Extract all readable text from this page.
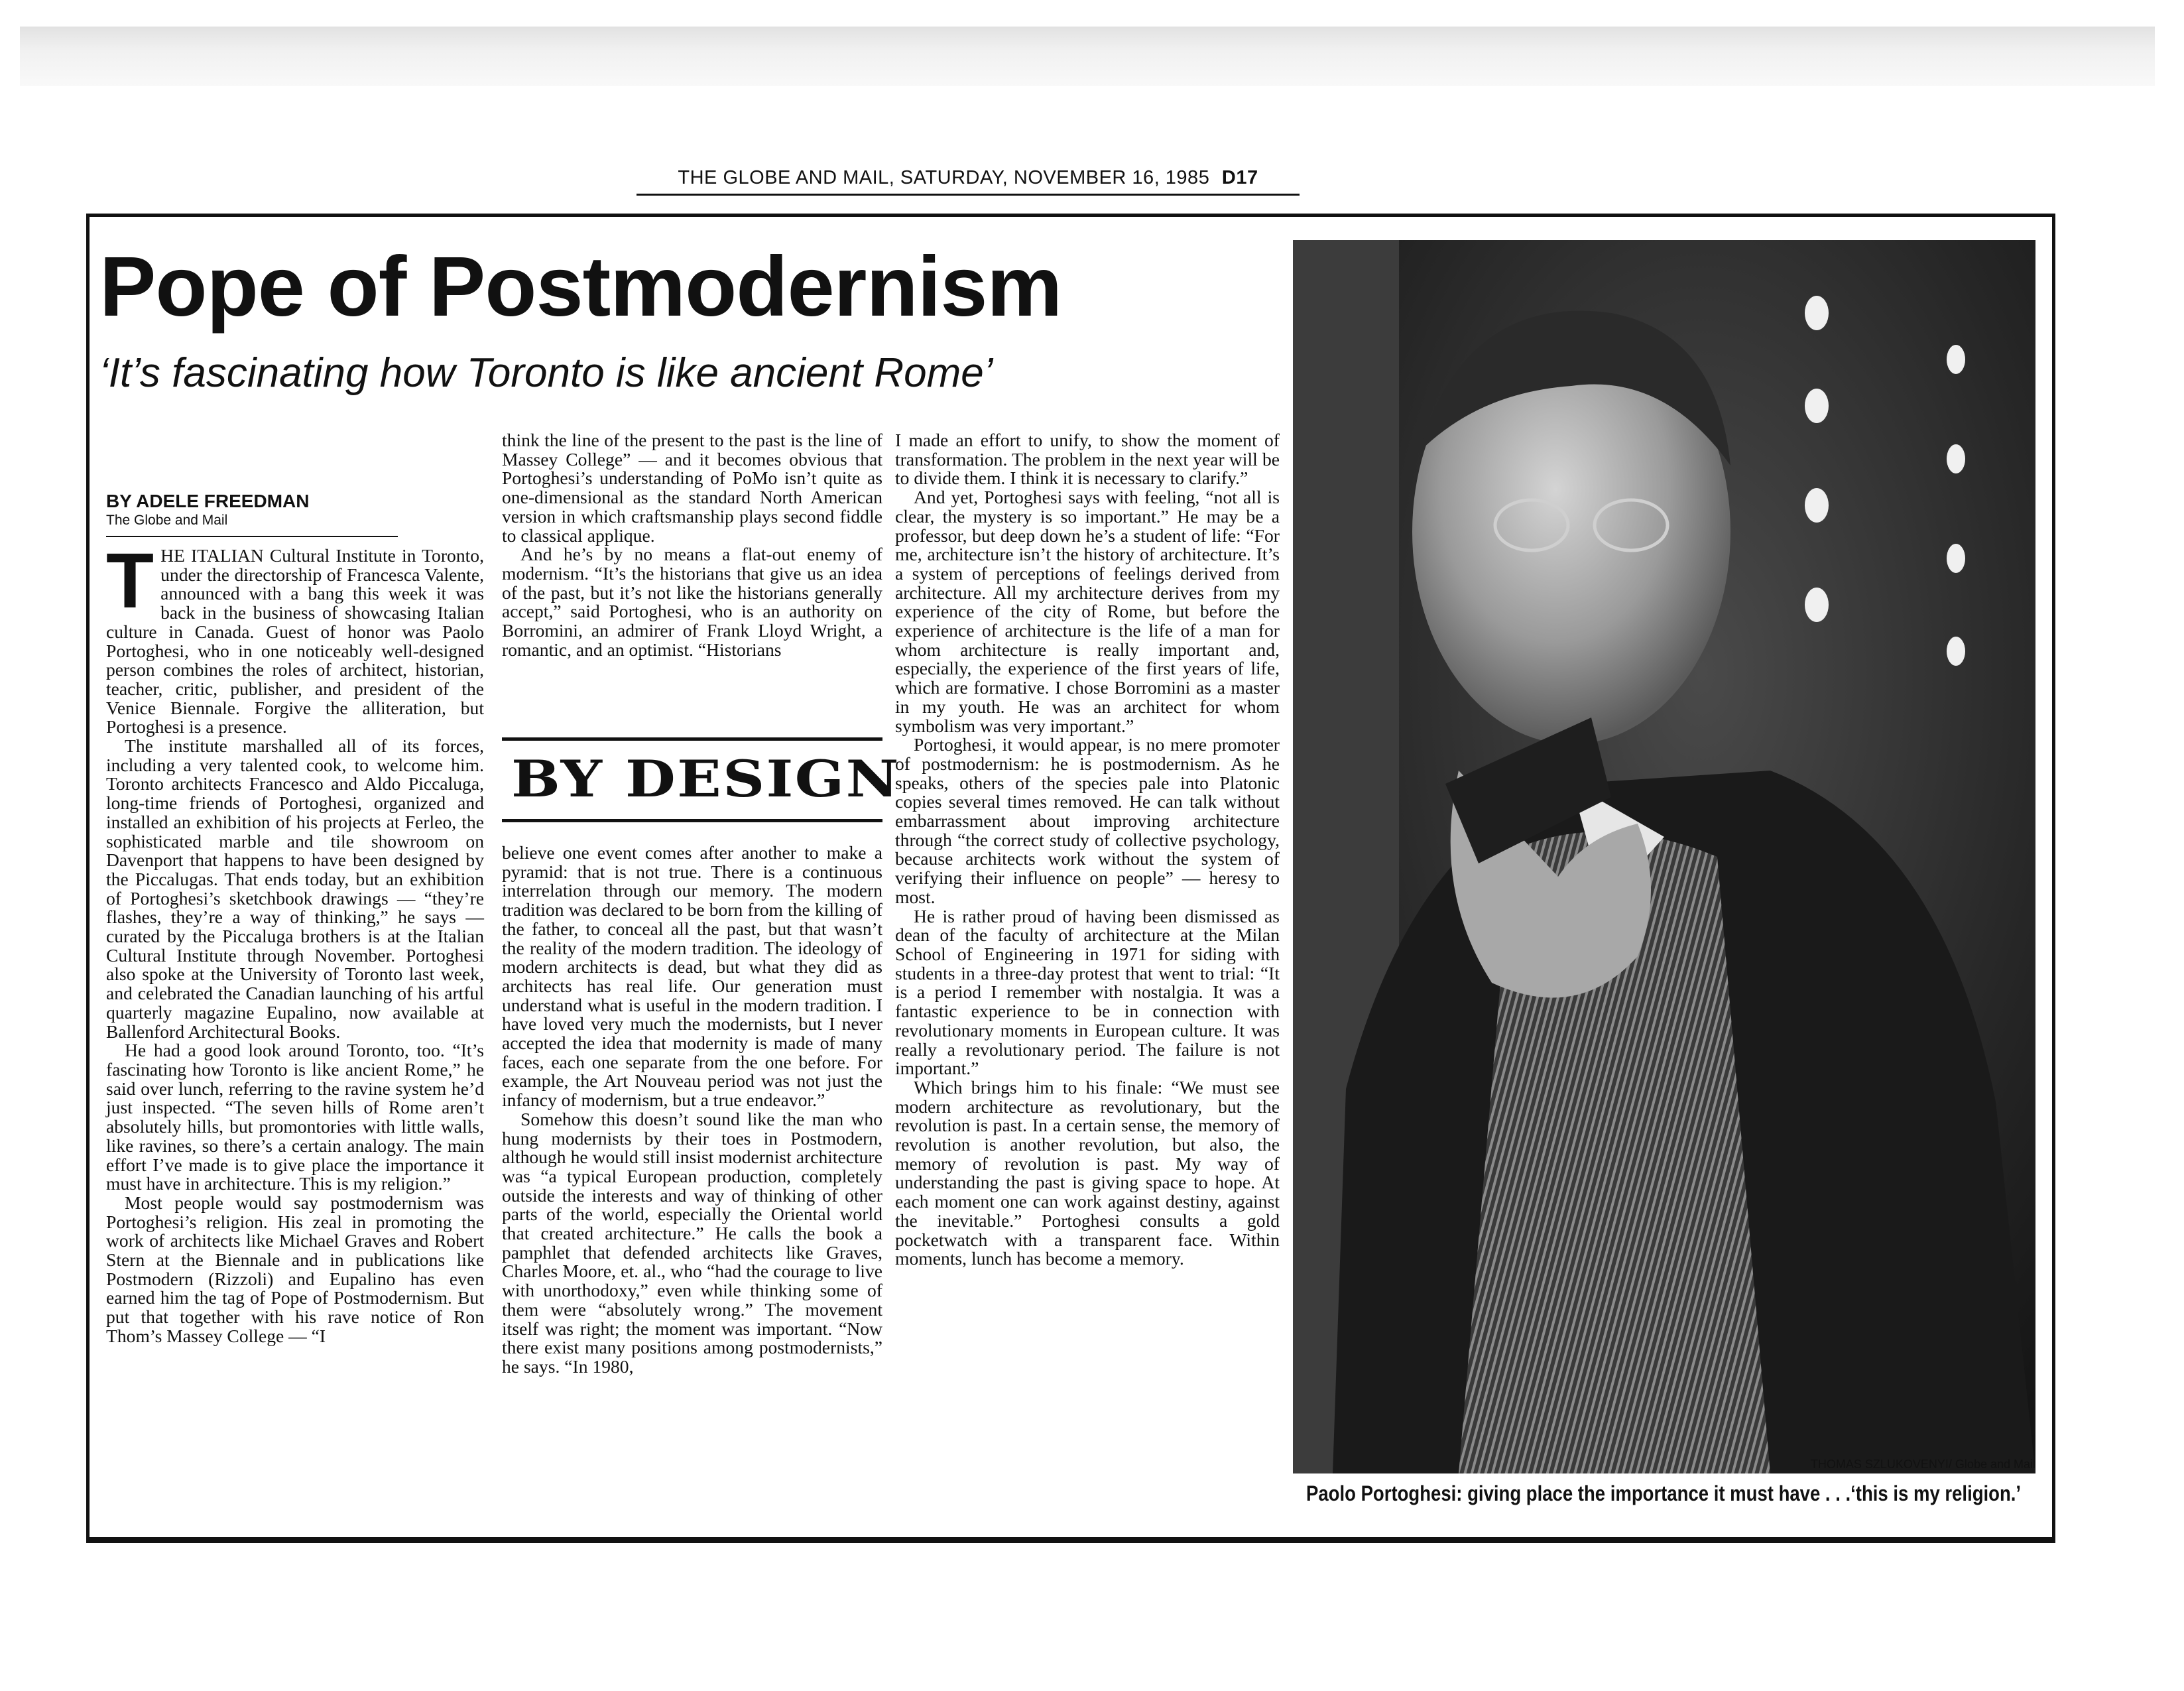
THE GLOBE AND MAIL, SATURDAY, NOVEMBER 16, 1985 D17
Pope of Postmodernism
‘It’s fascinating how Toronto is like ancient Rome’
BY ADELE FREEDMAN
The Globe and Mail

THE ITALIAN Cultural Institute in Toronto, under the directorship of Francesca Valente, announced with a bang this week it was back in the business of showcasing Italian culture in Canada. Guest of honor was Paolo Portoghesi, who in one noticeably well-designed person combines the roles of architect, historian, teacher, critic, publisher, and president of the Venice Biennale. Forgive the alliteration, but Portoghesi is a presence.

The institute marshalled all of its forces, including a very talented cook, to welcome him. Toronto architects Francesco and Aldo Piccaluga, long-time friends of Portoghesi, organized and installed an exhibition of his projects at Ferleo, the sophisticated marble and tile showroom on Davenport that happens to have been designed by the Piccalugas. That ends today, but an exhibition of Portoghesi’s sketchbook drawings — “they’re flashes, they’re a way of thinking,” he says — curated by the Piccaluga brothers is at the Italian Cultural Institute through November. Portoghesi also spoke at the University of Toronto last week, and celebrated the Canadian launching of his artful quarterly magazine Eupalino, now available at Ballenford Architectural Books.

He had a good look around Toronto, too. “It’s fascinating how Toronto is like ancient Rome,” he said over lunch, referring to the ravine system he’d just inspected. “The seven hills of Rome aren’t absolutely hills, but promontories with little walls, like ravines, so there’s a certain analogy. The main effort I’ve made is to give place the importance it must have in architecture. This is my religion.”

Most people would say postmodernism was Portoghesi’s religion. His zeal in promoting the work of architects like Michael Graves and Robert Stern at the Biennale and in publications like Postmodern (Rizzoli) and Eupalino has even earned him the tag of Pope of Postmodernism. But put that together with his rave notice of Ron Thom’s Massey College — “I

think the line of the present to the past is the line of Massey College” — and it becomes obvious that Portoghesi’s understanding of PoMo isn’t quite as one-dimensional as the standard North American version in which craftsmanship plays second fiddle to classical applique.

And he’s by no means a flat-out enemy of modernism. “It’s the historians that give us an idea of the past, but it’s not like the historians generally accept,” said Portoghesi, who is an authority on Borromini, an admirer of Frank Lloyd Wright, a romantic, and an optimist. “Historians

BY DESIGN

believe one event comes after another to make a pyramid: that is not true. There is a continuous interrelation through our memory. The modern tradition was declared to be born from the killing of the father, to conceal all the past, but that wasn’t the reality of the modern tradition. The ideology of modern architects is dead, but what they did as architects has real life. Our generation must understand what is useful in the modern tradition. I have loved very much the modernists, but I never accepted the idea that modernity is made of many faces, each one separate from the one before. For example, the Art Nouveau period was not just the infancy of modernism, but a true endeavor.”

Somehow this doesn’t sound like the man who hung modernists by their toes in Postmodern, although he would still insist modernist architecture was “a typical European production, completely outside the interests and way of thinking of other parts of the world, especially the Oriental world that created architecture.” He calls the book a pamphlet that defended architects like Graves, Charles Moore, et. al., who “had the courage to live with unorthodoxy,” even while thinking some of them were “absolutely wrong.” The movement itself was right; the moment was important. “Now there exist many positions among postmodernists,” he says. “In 1980,

I made an effort to unify, to show the moment of transformation. The problem in the next year will be to divide them. I think it is necessary to clarify.”

And yet, Portoghesi says with feeling, “not all is clear, the mystery is so important.” He may be a professor, but deep down he’s a student of life: “For me, architecture isn’t the history of architecture. It’s a system of perceptions of feelings derived from architecture. All my architecture derives from my experience of the city of Rome, but before the experience of architecture is the life of a man for whom architecture is really important and, especially, the experience of the first years of life, which are formative. I chose Borromini as a master in my youth. He was an architect for whom symbolism was very important.”

Portoghesi, it would appear, is no mere promoter of postmodernism: he is postmodernism. As he speaks, others of the species pale into Platonic copies several times removed. He can talk without embarrassment about improving architecture through “the correct study of collective psychology, because architects work without the system of verifying their influence on people” — heresy to most.

He is rather proud of having been dismissed as dean of the faculty of architecture at the Milan School of Engineering in 1971 for siding with students in a three-day protest that went to trial: “It is a period I remember with nostalgia. It was a fantastic experience to be in connection with revolutionary moments in European culture. It was really a revolutionary period. The failure is not important.”

Which brings him to his finale: “We must see modern architecture as revolutionary, but the revolution is past. In a certain sense, the memory of revolution is another revolution, but also, the memory of revolution is past. My way of understanding the past is giving space to hope. At each moment one can work against destiny, against the inevitable.” Portoghesi consults a gold pocketwatch with a transparent face. Within moments, lunch has become a memory.

THOMAS SZLUKOVENYI/ Globe and Mail
Paolo Portoghesi: giving place the importance it must have . . .‘this is my religion.’
